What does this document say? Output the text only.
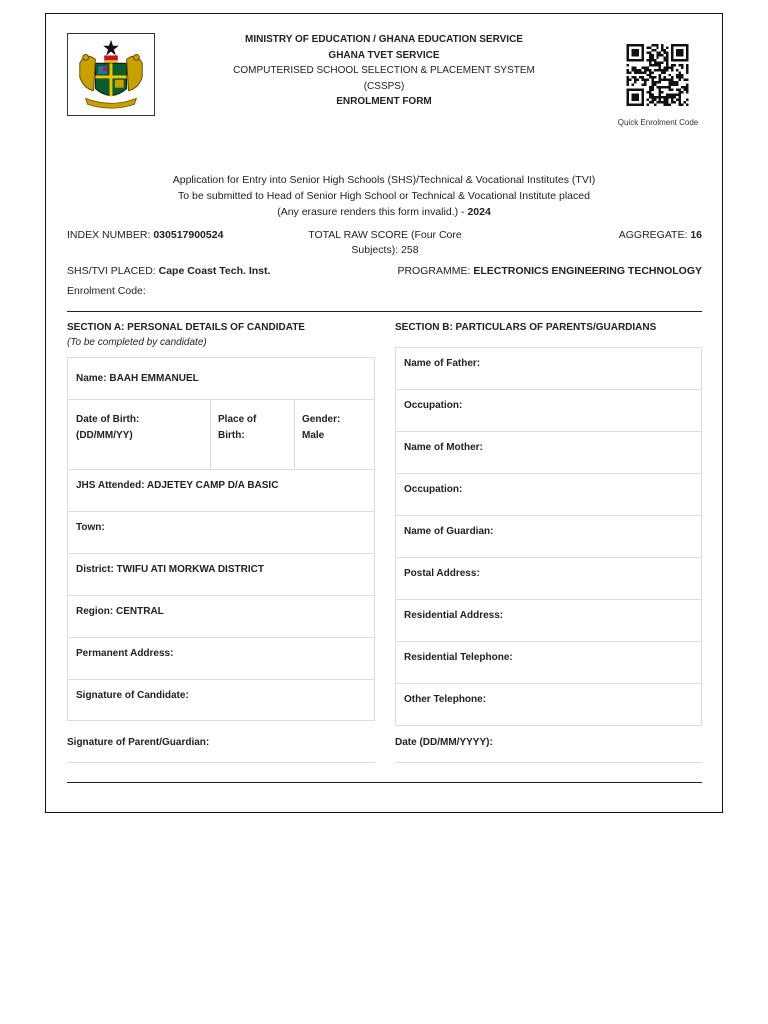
MINISTRY OF EDUCATION / GHANA EDUCATION SERVICE
GHANA TVET SERVICE
COMPUTERISED SCHOOL SELECTION & PLACEMENT SYSTEM
(CSSPS)
ENROLMENT FORM
Quick Enrolment Code
Application for Entry into Senior High Schools (SHS)/Technical & Vocational Institutes (TVI)
To be submitted to Head of Senior High School or Technical & Vocational Institute placed
(Any erasure renders this form invalid.) - 2024
INDEX NUMBER: 030517900524	TOTAL RAW SCORE (Four Core
Subjects): 258
AGGREGATE: 16
SHS/TVI PLACED: Cape Coast Tech. Inst.	PROGRAMME: ELECTRONICS ENGINEERING TECHNOLOGY
Enrolment Code:
SECTION A: PERSONAL DETAILS OF CANDIDATE
(To be completed by candidate)
Name: BAAH EMMANUEL
Date of Birth:
(DD/MM/YY)
Place of
Birth:
Gender:
Male
JHS Attended: ADJETEY CAMP D/A BASIC
Town:
District: TWIFU ATI MORKWA DISTRICT
Region: CENTRAL
Permanent Address:
Signature of Candidate:
SECTION B: PARTICULARS OF PARENTS/GUARDIANS
Name of Father:
Occupation:
Name of Mother:
Occupation:
Name of Guardian:
Postal Address:
Residential Address:
Residential Telephone:
Other Telephone:
Signature of Parent/Guardian:	Date (DD/MM/YYYY):
